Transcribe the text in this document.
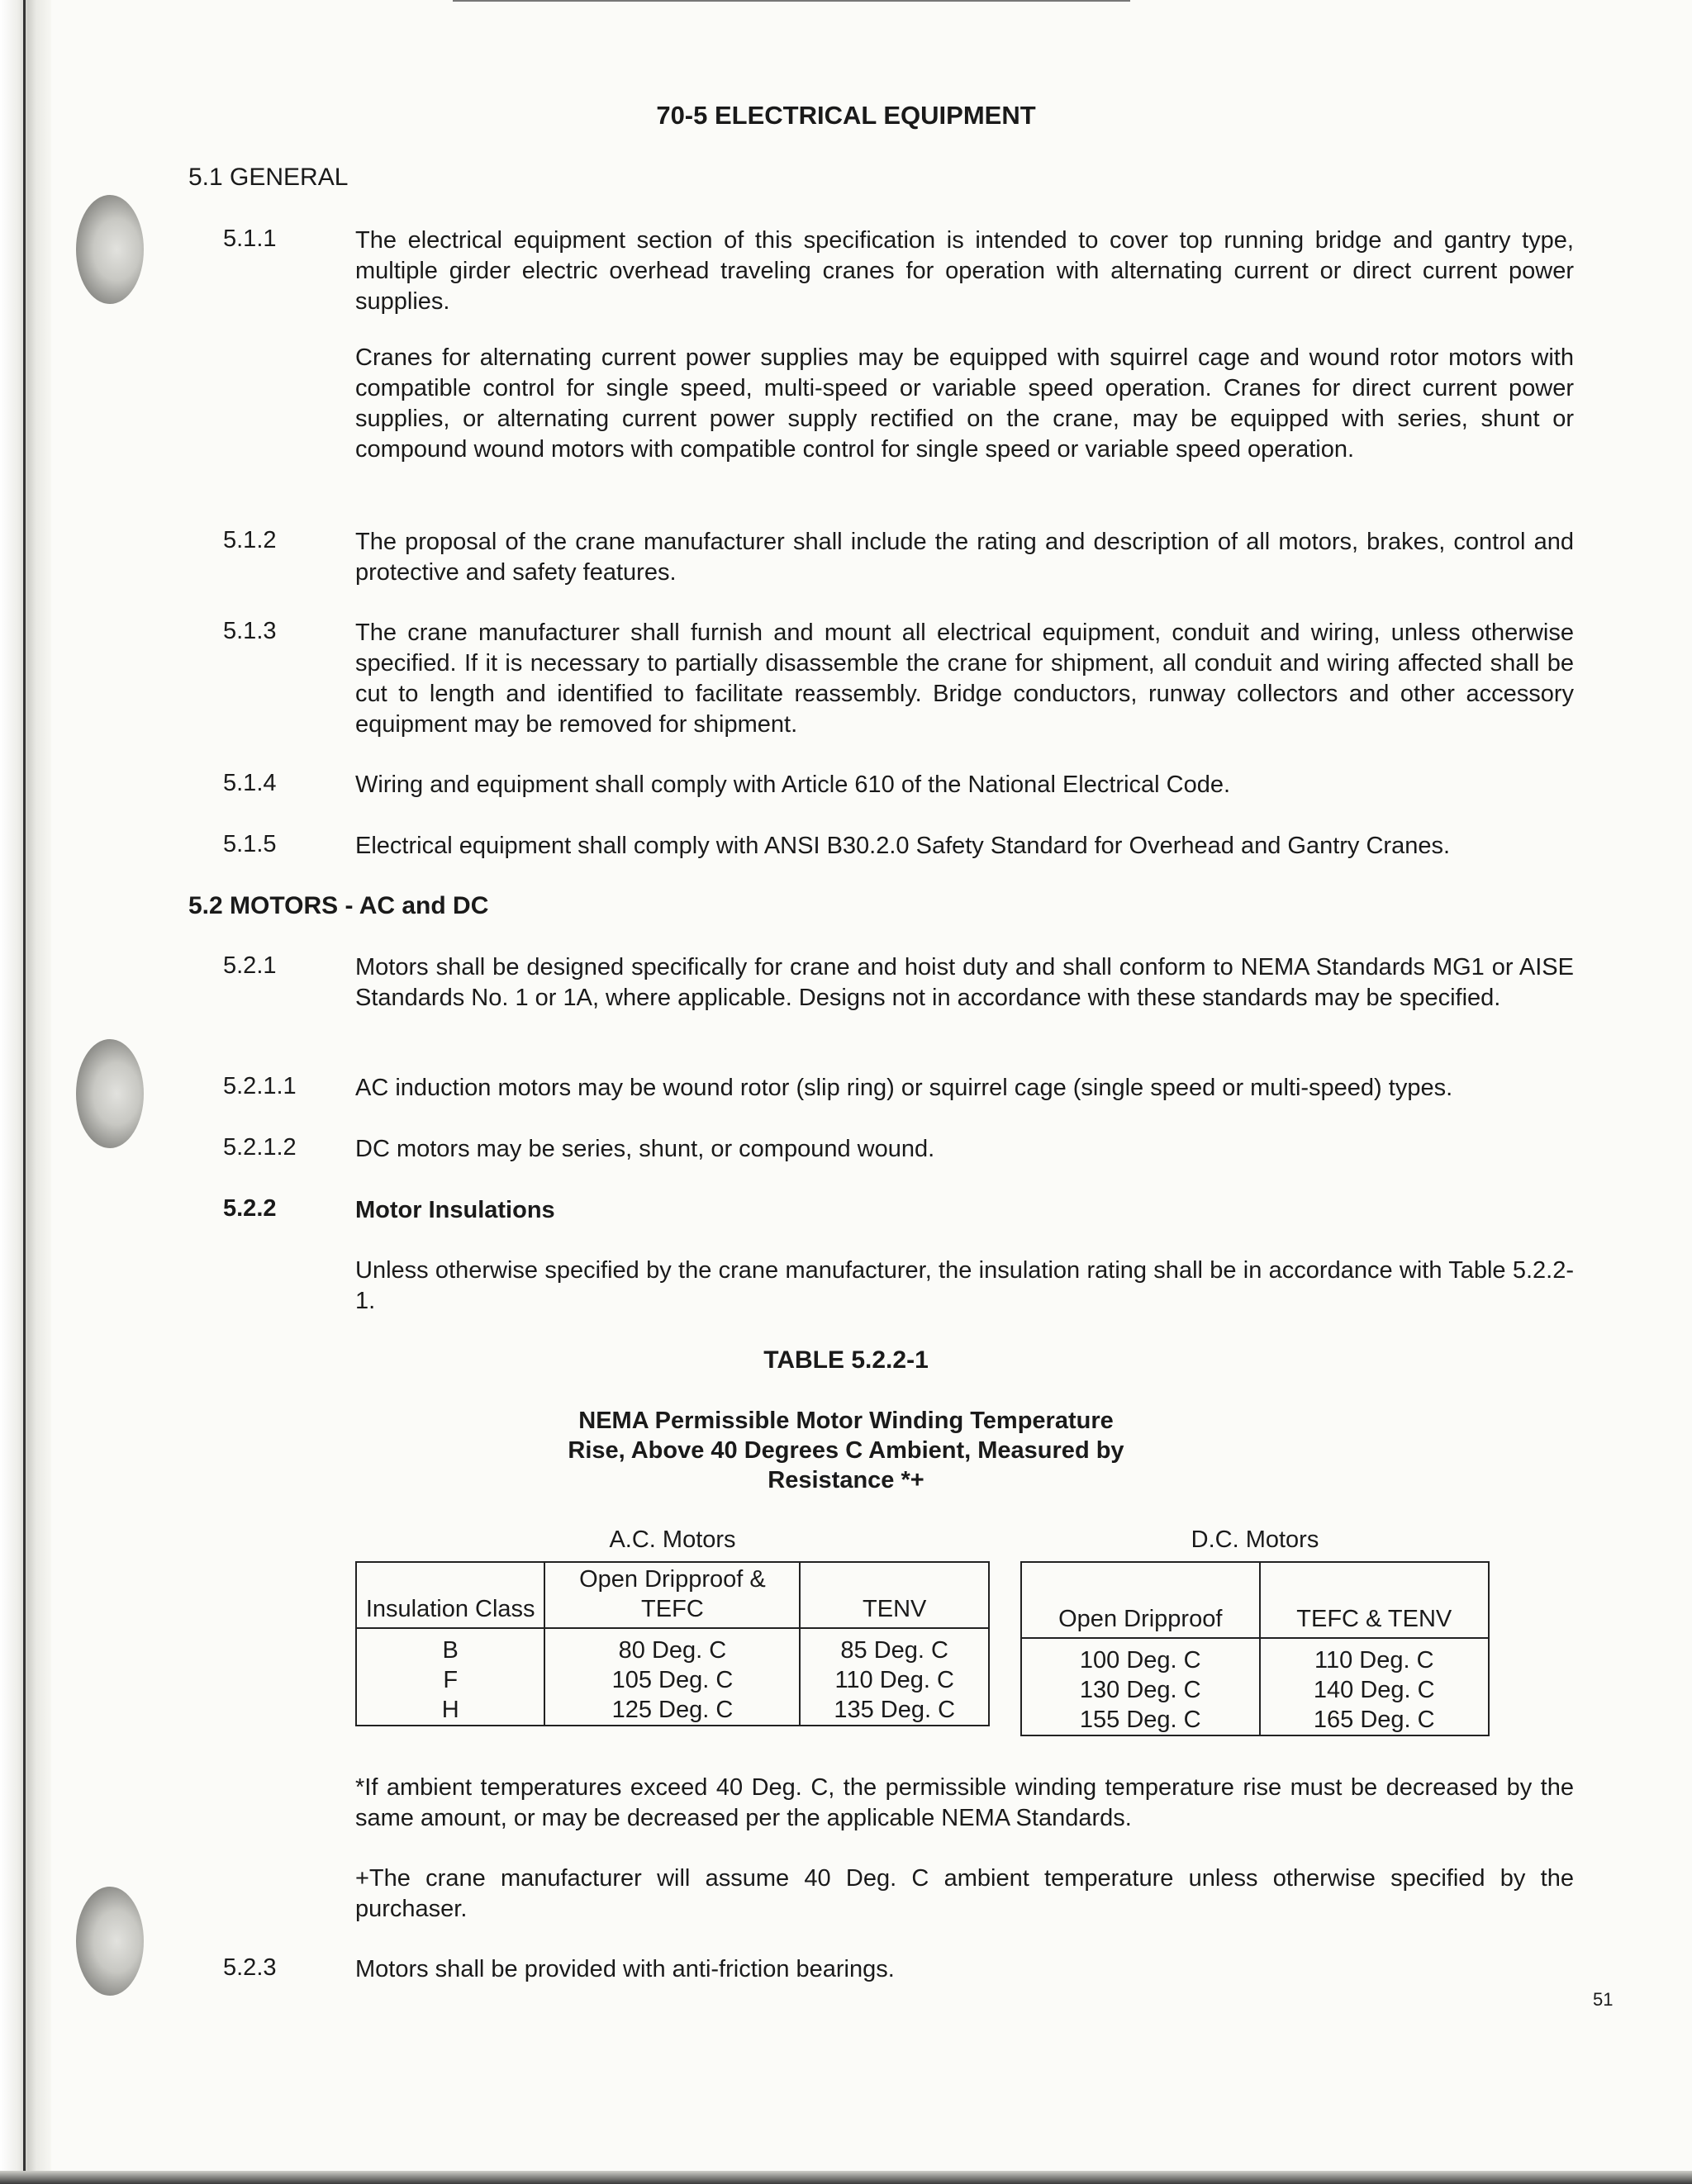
70-5 ELECTRICAL EQUIPMENT
5.1 GENERAL
5.1.1	The electrical equipment section of this specification is intended to cover top running bridge and gantry type, multiple girder electric overhead traveling cranes for operation with alternating current or direct current power supplies.
Cranes for alternating current power supplies may be equipped with squirrel cage and wound rotor motors with compatible control for single speed, multi-speed or variable speed operation. Cranes for direct current power supplies, or alternating current power supply rectified on the crane, may be equipped with series, shunt or compound wound motors with compatible control for single speed or variable speed operation.
5.1.2	The proposal of the crane manufacturer shall include the rating and description of all motors, brakes, control and protective and safety features.
5.1.3	The crane manufacturer shall furnish and mount all electrical equipment, conduit and wiring, unless otherwise specified. If it is necessary to partially disassemble the crane for shipment, all conduit and wiring affected shall be cut to length and identified to facilitate reassembly. Bridge conductors, runway collectors and other accessory equipment may be removed for shipment.
5.1.4	Wiring and equipment shall comply with Article 610 of the National Electrical Code.
5.1.5	Electrical equipment shall comply with ANSI B30.2.0 Safety Standard for Overhead and Gantry Cranes.
5.2 MOTORS - AC and DC
5.2.1	Motors shall be designed specifically for crane and hoist duty and shall conform to NEMA Standards MG1 or AISE Standards No. 1 or 1A, where applicable. Designs not in accordance with these standards may be specified.
5.2.1.1	AC induction motors may be wound rotor (slip ring) or squirrel cage (single speed or multi-speed) types.
5.2.1.2	DC motors may be series, shunt, or compound wound.
5.2.2	Motor Insulations
Unless otherwise specified by the crane manufacturer, the insulation rating shall be in accordance with Table 5.2.2-1.
TABLE 5.2.2-1
NEMA Permissible Motor Winding Temperature
Rise, Above 40 Degrees C Ambient, Measured by
Resistance *+
A.C. Motors
Insulation Class	Open Dripproof & TEFC	TENV
B	80 Deg. C	85 Deg. C
F	105 Deg. C	110 Deg. C
H	125 Deg. C	135 Deg. C
D.C. Motors
Open Dripproof	TEFC & TENV
100 Deg. C	110 Deg. C
130 Deg. C	140 Deg. C
155 Deg. C	165 Deg. C
*If ambient temperatures exceed 40 Deg. C, the permissible winding temperature rise must be decreased by the same amount, or may be decreased per the applicable NEMA Standards.
+The crane manufacturer will assume 40 Deg. C ambient temperature unless otherwise specified by the purchaser.
5.2.3	Motors shall be provided with anti-friction bearings.
51
